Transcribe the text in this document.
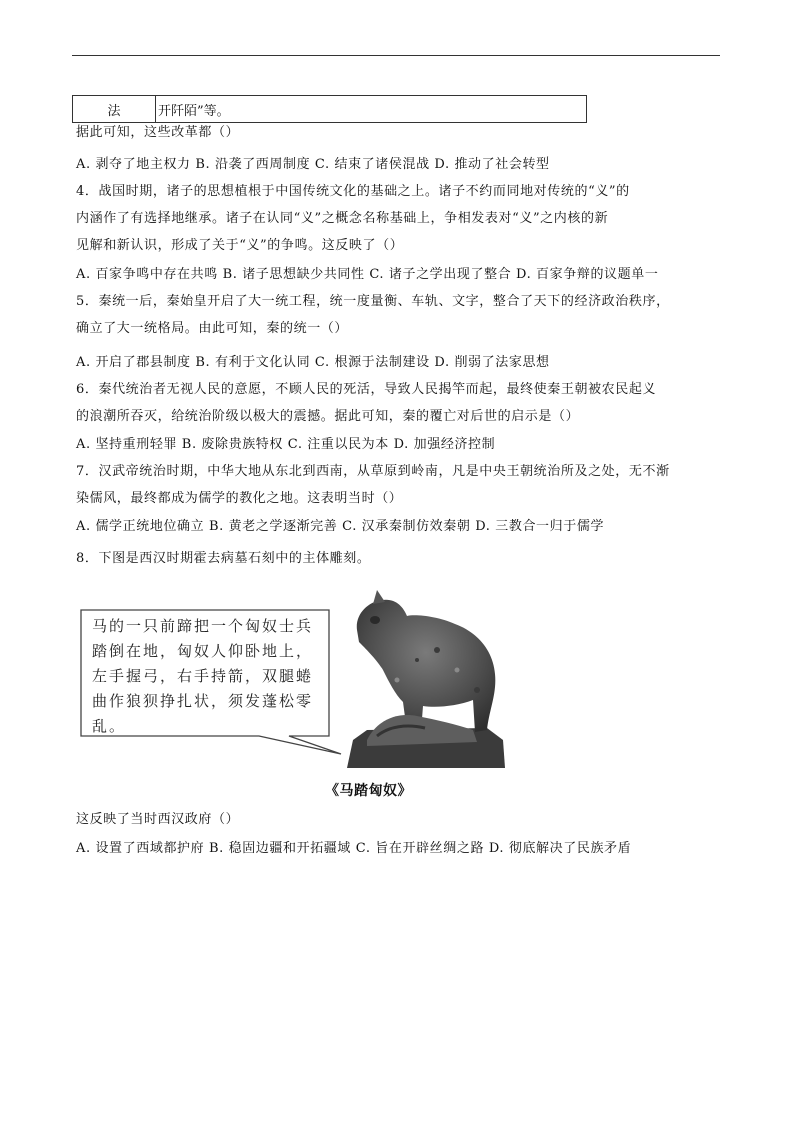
法	开阡陌”等。
据此可知，这些改革都（）
A. 剥夺了地主权力 B. 沿袭了西周制度 C. 结束了诸侯混战 D. 推动了社会转型
4．战国时期，诸子的思想植根于中国传统文化的基础之上。诸子不约而同地对传统的“义”的
内涵作了有选择地继承。诸子在认同“义”之概念名称基础上，争相发表对“义”之内核的新
见解和新认识，形成了关于“义”的争鸣。这反映了（）
A. 百家争鸣中存在共鸣 B. 诸子思想缺少共同性 C. 诸子之学出现了整合 D. 百家争辩的议题单一
5．秦统一后，秦始皇开启了大一统工程，统一度量衡、车轨、文字，整合了天下的经济政治秩序，
确立了大一统格局。由此可知，秦的统一（）
A. 开启了郡县制度 B. 有利于文化认同 C. 根源于法制建设 D. 削弱了法家思想
6．秦代统治者无视人民的意愿，不顾人民的死活，导致人民揭竿而起，最终使秦王朝被农民起义
的浪潮所吞灭，给统治阶级以极大的震撼。据此可知，秦的覆亡对后世的启示是（）
A. 坚持重刑轻罪 B. 废除贵族特权 C. 注重以民为本 D. 加强经济控制
7．汉武帝统治时期，中华大地从东北到西南，从草原到岭南，凡是中央王朝统治所及之处，无不渐
染儒风，最终都成为儒学的教化之地。这表明当时（）
A. 儒学正统地位确立 B. 黄老之学逐渐完善 C. 汉承秦制仿效秦朝 D. 三教合一归于儒学
8．下图是西汉时期霍去病墓石刻中的主体雕刻。
马的一只前蹄把一个匈奴士兵踏倒在地，匈奴人仰卧地上，左手握弓，右手持箭，双腿蜷曲作狼狈挣扎状，须发蓬松零乱。
《马踏匈奴》
这反映了当时西汉政府（）
A. 设置了西域都护府 B. 稳固边疆和开拓疆域 C. 旨在开辟丝绸之路 D. 彻底解决了民族矛盾
